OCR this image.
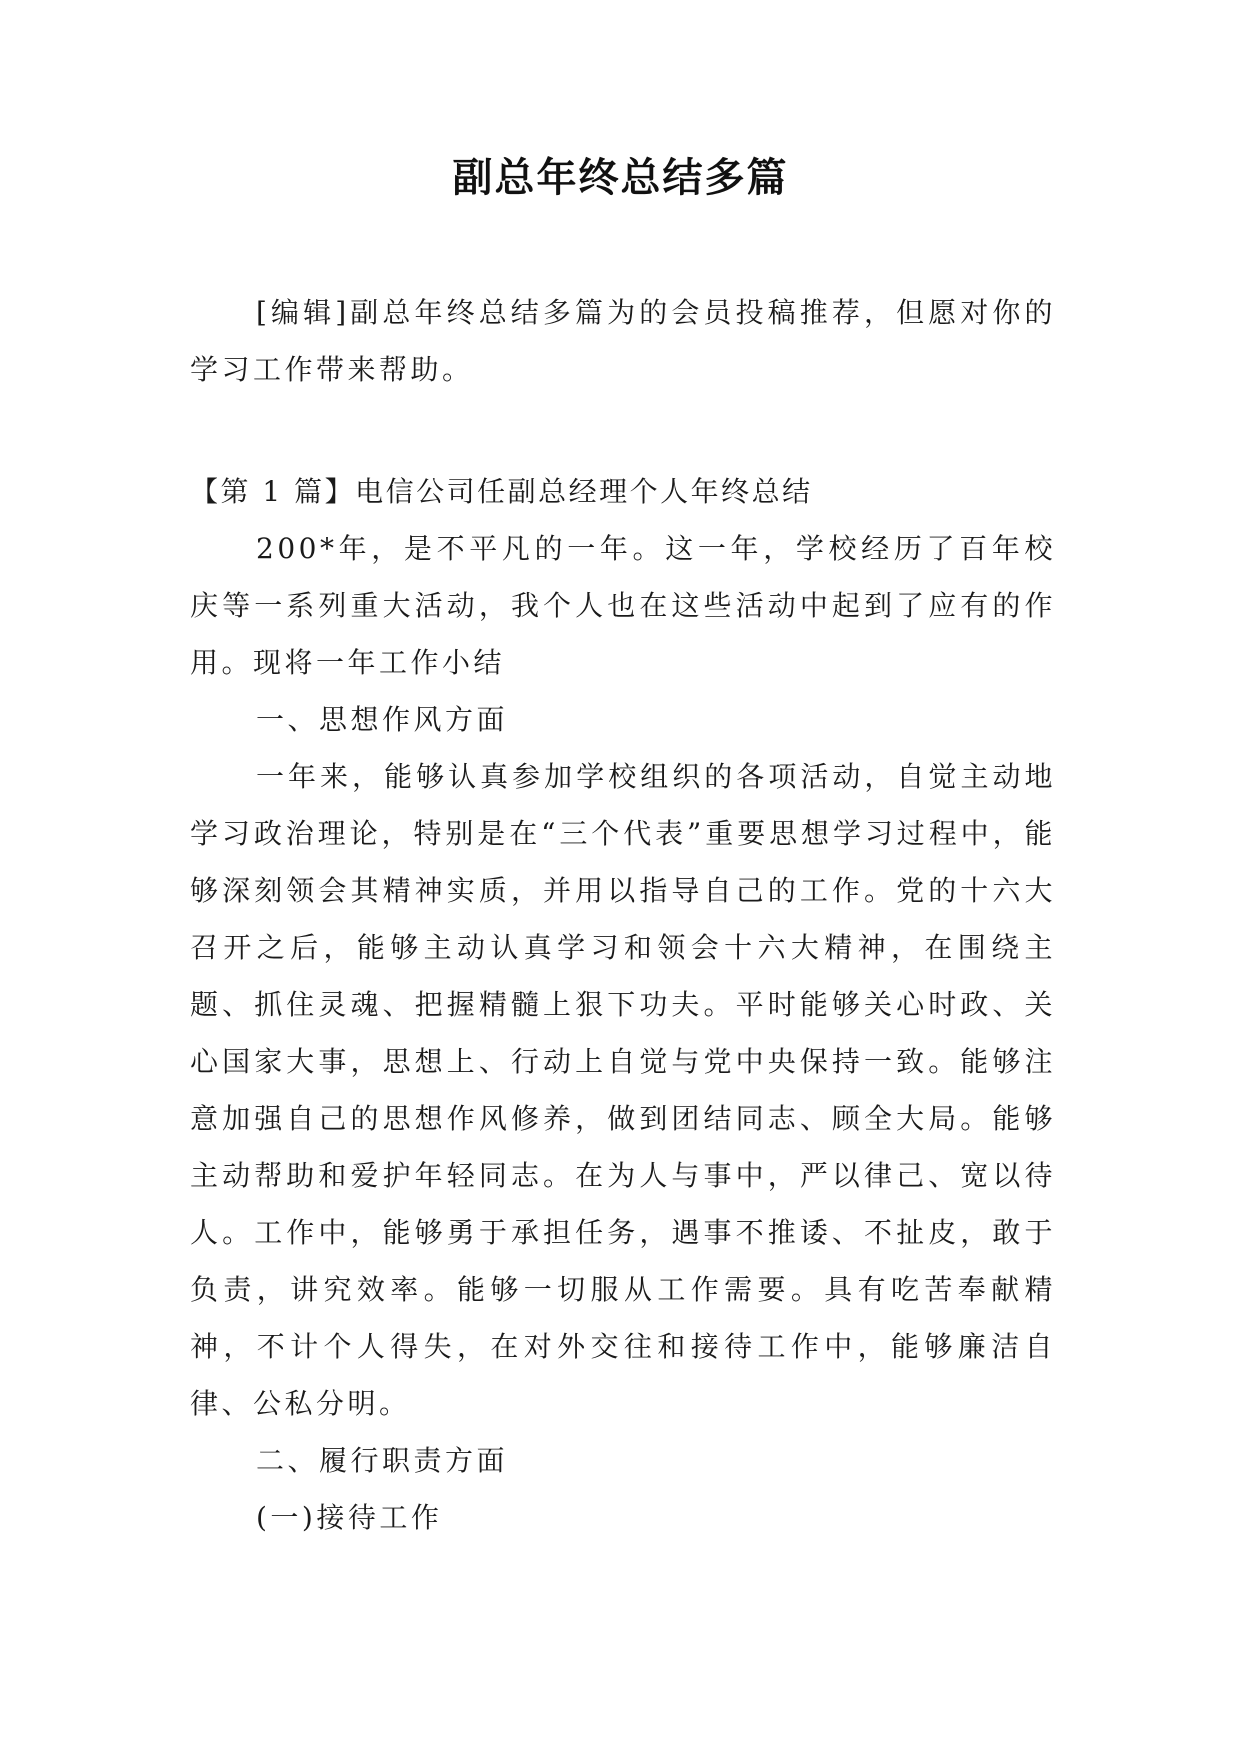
副总年终总结多篇

[编辑]副总年终总结多篇为的会员投稿推荐，但愿对你的学习工作带来帮助。

【第 1 篇】电信公司任副总经理个人年终总结

200*年，是不平凡的一年。这一年，学校经历了百年校庆等一系列重大活动，我个人也在这些活动中起到了应有的作用。现将一年工作小结

一、思想作风方面

一年来，能够认真参加学校组织的各项活动，自觉主动地学习政治理论，特别是在“三个代表”重要思想学习过程中，能够深刻领会其精神实质，并用以指导自己的工作。党的十六大召开之后，能够主动认真学习和领会十六大精神，在围绕主题、抓住灵魂、把握精髓上狠下功夫。平时能够关心时政、关心国家大事，思想上、行动上自觉与党中央保持一致。能够注意加强自己的思想作风修养，做到团结同志、顾全大局。能够主动帮助和爱护年轻同志。在为人与事中，严以律己、宽以待人。工作中，能够勇于承担任务，遇事不推诿、不扯皮，敢于负责，讲究效率。能够一切服从工作需要。具有吃苦奉献精神，不计个人得失，在对外交往和接待工作中，能够廉洁自律、公私分明。

二、履行职责方面

(一)接待工作
